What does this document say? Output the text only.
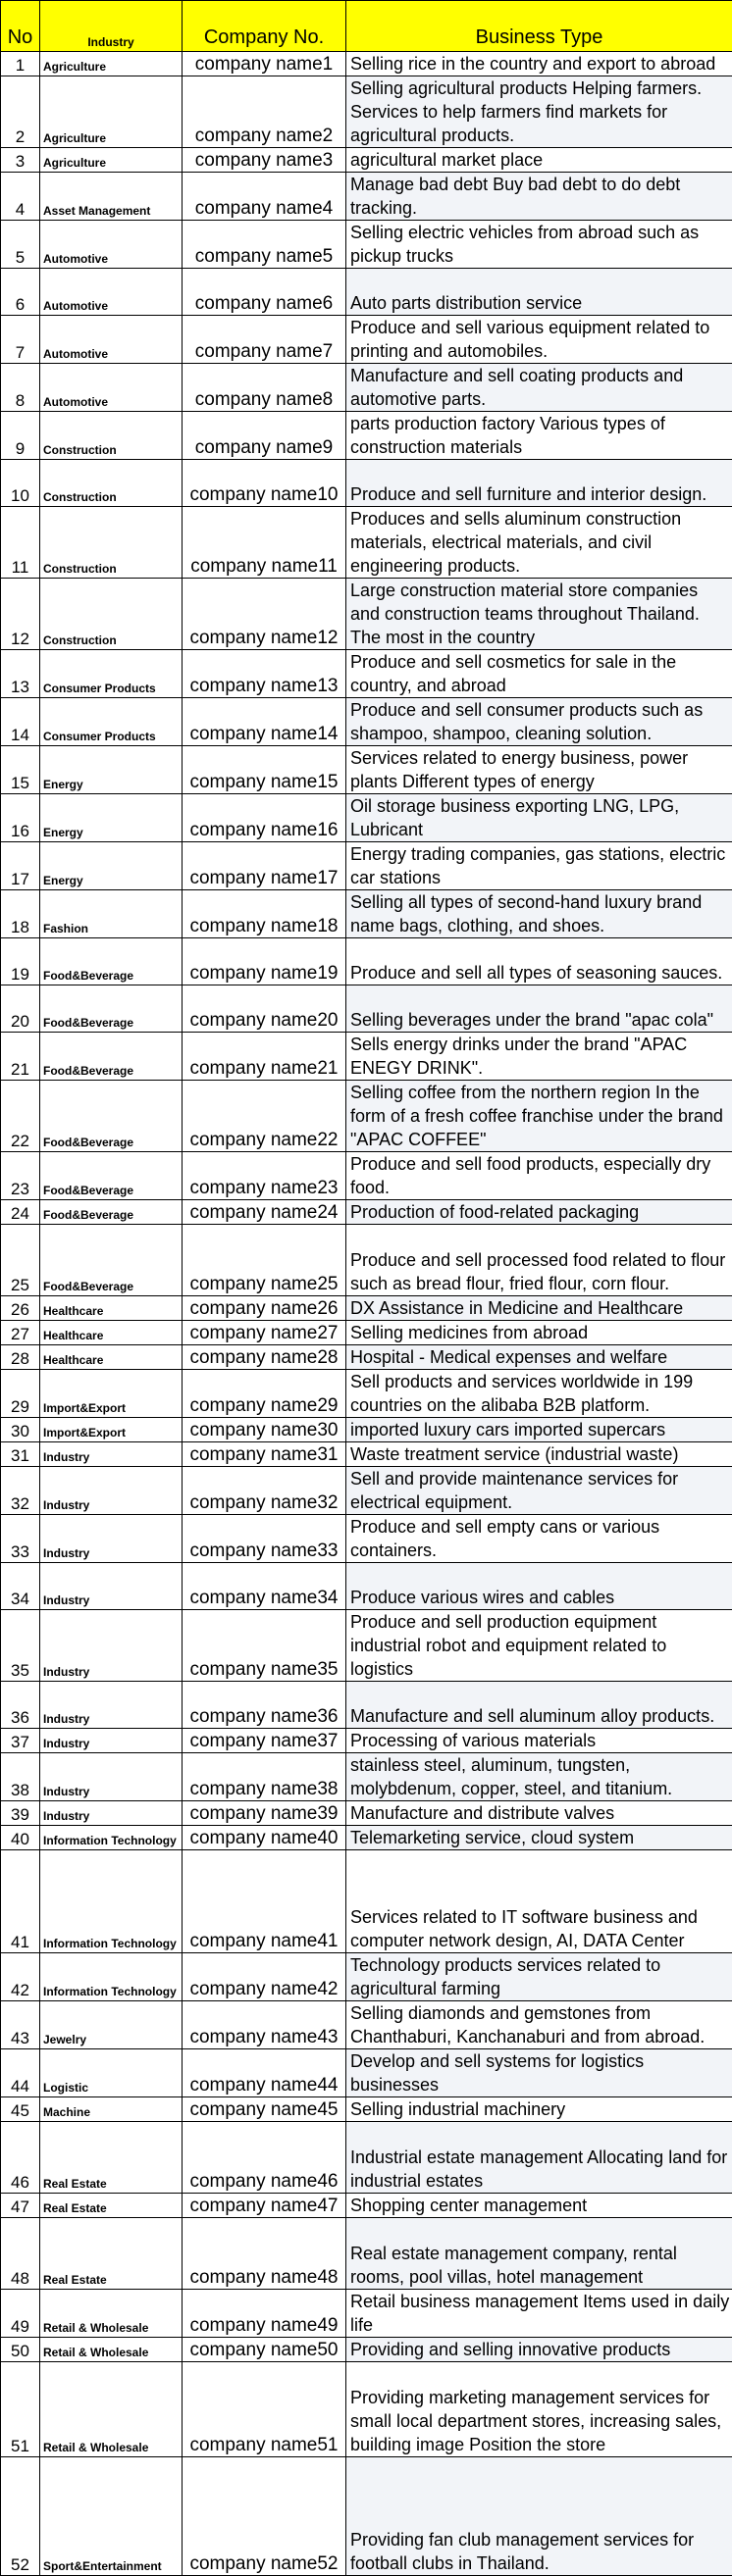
No	Industry	Company No.	Business Type
1	Agriculture	company name1	Selling rice in the country and export to abroad
2	Agriculture	company name2	Selling agricultural products Helping farmers. Services to help farmers find markets for agricultural products.
3	Agriculture	company name3	agricultural market place
4	Asset Management	company name4	Manage bad debt Buy bad debt to do debt tracking.
5	Automotive	company name5	Selling electric vehicles from abroad such as pickup trucks
6	Automotive	company name6	Auto parts distribution service
7	Automotive	company name7	Produce and sell various equipment related to printing and automobiles.
8	Automotive	company name8	Manufacture and sell coating products and automotive parts.
9	Construction	company name9	parts production factory Various types of construction materials
10	Construction	company name10	Produce and sell furniture and interior design.
11	Construction	company name11	Produces and sells aluminum construction materials, electrical materials, and civil engineering products.
12	Construction	company name12	Large construction material store companies and construction teams throughout Thailand. The most in the country
13	Consumer Products	company name13	Produce and sell cosmetics for sale in the country, and abroad
14	Consumer Products	company name14	Produce and sell consumer products such as shampoo, shampoo, cleaning solution.
15	Energy	company name15	Services related to energy business, power plants Different types of energy
16	Energy	company name16	Oil storage business exporting LNG, LPG, Lubricant
17	Energy	company name17	Energy trading companies, gas stations, electric car stations
18	Fashion	company name18	Selling all types of second-hand luxury brand name bags, clothing, and shoes.
19	Food&Beverage	company name19	Produce and sell all types of seasoning sauces.
20	Food&Beverage	company name20	Selling beverages under the brand "apac cola"
21	Food&Beverage	company name21	Sells energy drinks under the brand "APAC ENEGY DRINK".
22	Food&Beverage	company name22	Selling coffee from the northern region In the form of a fresh coffee franchise under the brand "APAC COFFEE"
23	Food&Beverage	company name23	Produce and sell food products, especially dry food.
24	Food&Beverage	company name24	Production of food-related packaging
25	Food&Beverage	company name25	Produce and sell processed food related to flour such as bread flour, fried flour, corn flour.
26	Healthcare	company name26	DX Assistance in Medicine and Healthcare
27	Healthcare	company name27	Selling medicines from abroad
28	Healthcare	company name28	Hospital - Medical expenses and welfare
29	Import&Export	company name29	Sell products and services worldwide in 199 countries on the alibaba B2B platform.
30	Import&Export	company name30	imported luxury cars imported supercars
31	Industry	company name31	Waste treatment service (industrial waste)
32	Industry	company name32	Sell and provide maintenance services for electrical equipment.
33	Industry	company name33	Produce and sell empty cans or various containers.
34	Industry	company name34	Produce various wires and cables
35	Industry	company name35	Produce and sell production equipment industrial robot and equipment related to logistics
36	Industry	company name36	Manufacture and sell aluminum alloy products.
37	Industry	company name37	Processing of various materials
38	Industry	company name38	stainless steel, aluminum, tungsten, molybdenum, copper, steel, and titanium.
39	Industry	company name39	Manufacture and distribute valves
40	Information Technology	company name40	Telemarketing service, cloud system
41	Information Technology	company name41	Services related to IT software business and computer network design, AI, DATA Center
42	Information Technology	company name42	Technology products services related to agricultural farming
43	Jewelry	company name43	Selling diamonds and gemstones from Chanthaburi, Kanchanaburi and from abroad.
44	Logistic	company name44	Develop and sell systems for logistics businesses
45	Machine	company name45	Selling industrial machinery
46	Real Estate	company name46	Industrial estate management Allocating land for industrial estates
47	Real Estate	company name47	Shopping center management
48	Real Estate	company name48	Real estate management company, rental rooms, pool villas, hotel management
49	Retail & Wholesale	company name49	Retail business management Items used in daily life
50	Retail & Wholesale	company name50	Providing and selling innovative products
51	Retail & Wholesale	company name51	Providing marketing management services for small local department stores, increasing sales, building image Position the store
52	Sport&Entertainment	company name52	Providing fan club management services for football clubs in Thailand.
